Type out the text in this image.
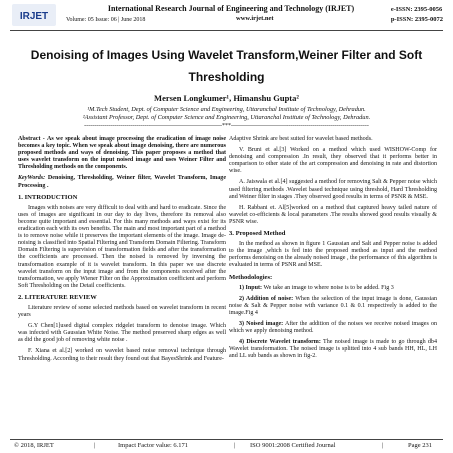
IRJET
International Research Journal of Engineering and Technology (IRJET)
Volume: 05 Issue: 06 | June 2018	www.irjet.net
e-ISSN: 2395-0056
p-ISSN: 2395-0072
Denoising of Images Using Wavelet Transform,Weiner Filter and Soft
Thresholding
Mersen Longkumer¹, Himanshu Gupta²
¹M.Tech Student, Dept. of Computer Science and Engineering, Uttaranchal Institute of Technology, Dehradun.
²Assistant Professor, Dept. of Computer Science and Engineering, Uttaranchal Institute of Technology, Dehradun.
---------------------------------------------------------------------***---------------------------------------------------------------------

Abstract - As we speak about image processing the eradication of image noise becomes a key topic. When we speak about image denoising, there are numerous proposed methods and ways of denoising. This paper proposes a method that uses wavelet transform on the input noised image and uses Weiner Filter and Thresholding methods on the components.

KeyWords: Denoising, Thresholding, Weiner filter, Wavelet Transform, Image Processing .

1. INTRODUCTION

Images with noises are very difficult to deal with and hard to eradicate. Since the uses of images are significant in our day to day lives, therefore its removal also become quite important and essential. For this many methods and ways exist for its eradication each with its own benefits. The main and most important part of a method is to remove noise while it preserves the important elements of the image. Image de-noising is classified into Spatial Filtering and Transform Domain Filtering. Transform Domain Filtering is supervision of transformation fields and after the transformation the coefficients are processed. Then the noised is removed by inversing the transformation example of it is wavelet transform. In this paper we use discrete wavelet transform on the input image and from the components received after the transformation, we apply Wiener Filter on the Approximation coefficient and perform Soft Thresholding on the Detail coefficients.

2. LITERATURE REVIEW

Literature review of some selected methods based on wavelet transform in recent years

G.Y Chen[1]used digital complex ridgelet transform to denoise image. Which was infected with Gaussian White Noise. The method preserved sharp edges as well as did the good job of removing white noise .

F. Xiana et al.[2] worked on wavelet based noise removal technique through Thresholding. According to their result they found out that BayesShrink and Feature-

Adaptive Shrink are best suited for wavelet based methods.

V. Bruni et al.[3] Worked on a method which used WISHOW-Comp for denoising and compression .In result, they observed that it performs better in comparison to other state of the art compression and denoising in rate and distortion wise.

A. Jaiswala et al.[4] suggested a method for removing Salt & Pepper noise which used filtering methods .Wavelet based technique using threshold, Hard Thresholding and Weiner filter in stages .They observed good results in terms of PSNR & MSE.

H. Rabbani et. Al[5]worked on a method that captured heavy tailed nature of wavelet co-efficients & local parameters .The results showed good results visually & PSNR wise.

3. Proposed Method

In the method as shown in figure 1 Gaussian and Salt and Pepper noise is added to the image ,which is fed into the proposed method as input and the method performs denoising on the already noised image , the performance of this algorithm is evaluated in terms of PSNR and MSE.

Methodologies:

1) Input: We take an image to where noise is to be added. Fig 3

2) Addition of noise: When the selection of the input image is done, Gaussian noise & Salt & Pepper noise with variance 0.1 & 0.1 respectively is added to the image.Fig 4

3) Noised image: After the addition of the noises we receive noised images on which we apply denoising method.

4) Discrete Wavelet transform: The noised image is made to go through db4 Wavelet transformation. The noised image is splitted into 4 sub bands HH, HL, LH and LL sub bands as shown in fig-2.

© 2018, IRJET	|	Impact Factor value: 6.171	| ISO 9001:2008 Certified Journal	|	Page 231
